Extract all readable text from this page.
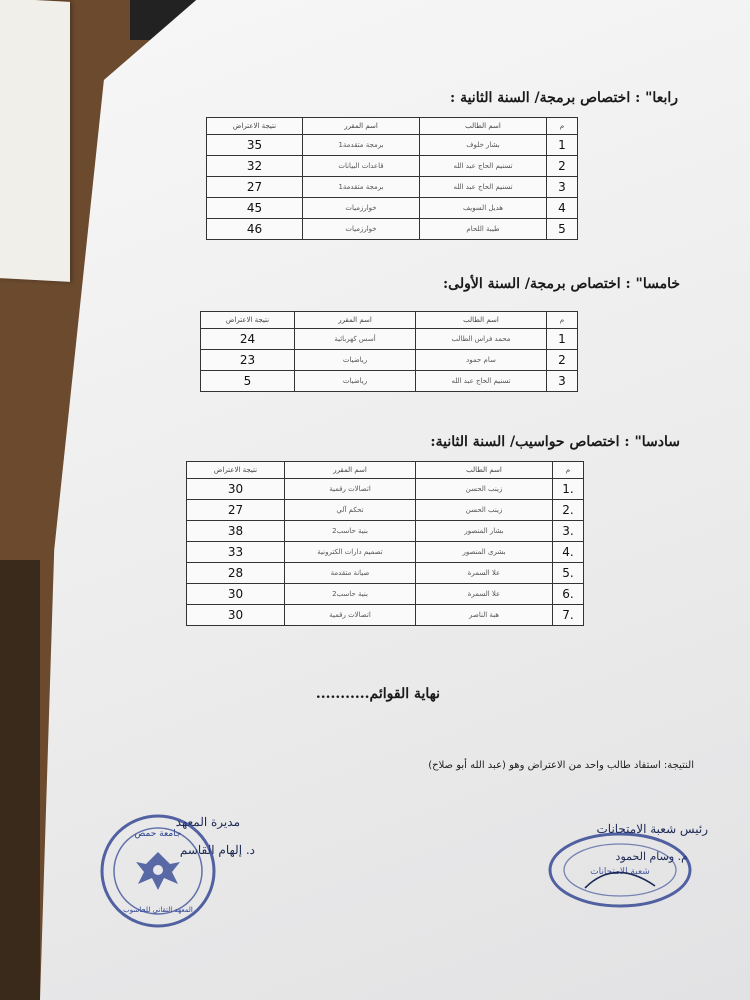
رابعا" : اختصاص برمجة/ السنة الثانية :
م	اسم الطالب	اسم المقرر	نتيجة الاعتراض
1	بشار خلوف	برمجة متقدمة1	35
2	تسنيم الحاج عبد الله	قاعدات البيانات	32
3	تسنيم الحاج عبد الله	برمجة متقدمة1	27
4	هديل السويف	خوارزميات	45
5	طيبة اللحام	خوارزميات	46
خامسا" : اختصاص برمجة/ السنة الأولى:
م	اسم الطالب	اسم المقرر	نتيجة الاعتراض
1	محمد فراس الطالب	أسس كهربائية	24
2	سام حمود	رياضيات	23
3	تسنيم الحاج عبد الله	رياضيات	5
سادسا" : اختصاص حواسيب/ السنة الثانية:
م	اسم الطالب	اسم المقرر	نتيجة الاعتراض
.1	زينب الحسن	اتصالات رقمية	30
.2	زينب الحسن	تحكم آلي	27
.3	بشار المنصور	بنية حاسب2	38
.4	بشرى المنصور	تصميم دارات الكترونية	33
.5	علا السمرة	صيانة متقدمة	28
.6	علا السمرة	بنية حاسب2	30
.7	هبة الناصر	اتصالات رقمية	30
نهاية القوائم...........
النتيجة: استفاد طالب واحد من الاعتراض وهو (عبد الله أبو صلاح)
مديرة المعهد
د. إلهام القاسم
رئيس شعبة الامتحانات
م. وسام الحمود
جامعة حمص
المعهد التقاني للحاسوب
شعبة الامتحانات
